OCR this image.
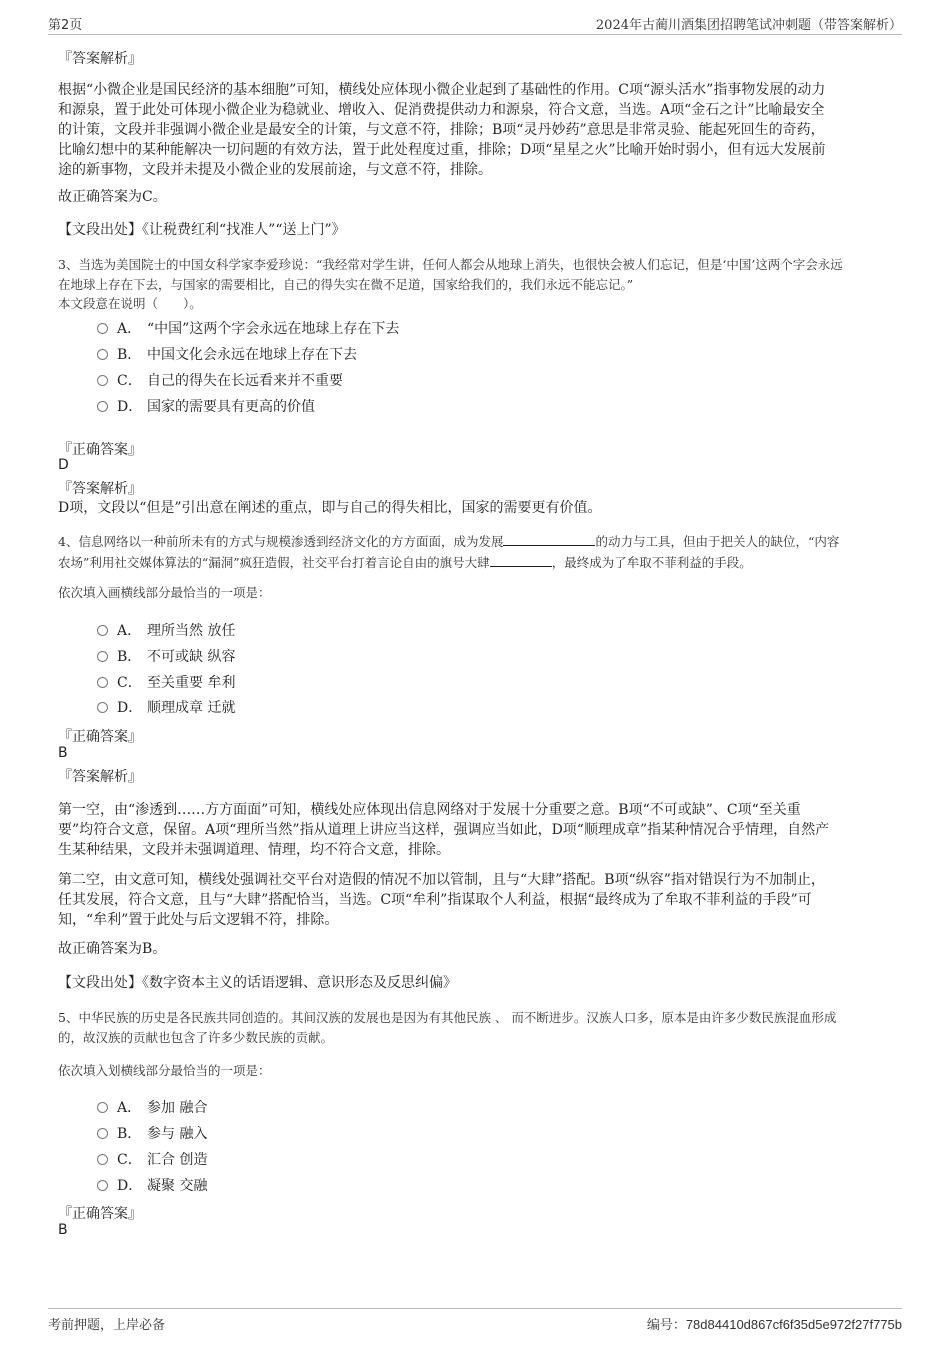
第2页	2024年古蔺川酒集团招聘笔试冲刺题（带答案解析）
『答案解析』
根据“小微企业是国民经济的基本细胞”可知，横线处应体现小微企业起到了基础性的作用。C项“源头活水”指事物发展的动力
和源泉，置于此处可体现小微企业为稳就业、增收入、促消费提供动力和源泉，符合文意，当选。A项“金石之计”比喻最安全
的计策，文段并非强调小微企业是最安全的计策，与文意不符，排除；B项“灵丹妙药”意思是非常灵验、能起死回生的奇药，
比喻幻想中的某种能解决一切问题的有效方法，置于此处程度过重，排除；D项“星星之火”比喻开始时弱小，但有远大发展前
途的新事物，文段并未提及小微企业的发展前途，与文意不符，排除。
故正确答案为C。
【文段出处】《让税费红利“找准人”“送上门”》
3、当选为美国院士的中国女科学家李爱珍说：“我经常对学生讲，任何人都会从地球上消失，也很快会被人们忘记，但是‘中国’这两个字会永远
在地球上存在下去，与国家的需要相比，自己的得失实在微不足道，国家给我们的，我们永远不能忘记。”
本文段意在说明（　　）。
A． “中国”这两个字会永远在地球上存在下去
B． 中国文化会永远在地球上存在下去
C． 自己的得失在长远看来并不重要
D． 国家的需要具有更高的价值
『正确答案』
D
『答案解析』
D项，文段以“但是”引出意在阐述的重点，即与自己的得失相比，国家的需要更有价值。
4、信息网络以一种前所未有的方式与规模渗透到经济文化的方方面面，成为发展	的动力与工具，但由于把关人的缺位，“内容
农场”利用社交媒体算法的“漏洞”疯狂造假，社交平台打着言论自由的旗号大肆	，最终成为了牟取不菲利益的手段。
依次填入画横线部分最恰当的一项是：
A． 理所当然 放任
B． 不可或缺 纵容
C． 至关重要 牟利
D． 顺理成章 迁就
『正确答案』
B
『答案解析』
第一空，由“渗透到……方方面面”可知，横线处应体现出信息网络对于发展十分重要之意。B项“不可或缺”、C项“至关重
要”均符合文意，保留。A项“理所当然”指从道理上讲应当这样，强调应当如此，D项“顺理成章”指某种情况合乎情理，自然产
生某种结果，文段并未强调道理、情理，均不符合文意，排除。
第二空，由文意可知，横线处强调社交平台对造假的情况不加以管制，且与“大肆”搭配。B项“纵容”指对错误行为不加制止，
任其发展，符合文意，且与“大肆”搭配恰当，当选。C项“牟利”指谋取个人利益，根据“最终成为了牟取不菲利益的手段”可
知，“牟利”置于此处与后文逻辑不符，排除。
故正确答案为B。
【文段出处】《数字资本主义的话语逻辑、意识形态及反思纠偏》
5、中华民族的历史是各民族共同创造的。其间汉族的发展也是因为有其他民族 、 而不断进步。汉族人口多，原本是由许多少数民族混血形成
的，故汉族的贡献也包含了许多少数民族的贡献。
依次填入划横线部分最恰当的一项是：
A． 参加 融合
B． 参与 融入
C． 汇合 创造
D． 凝聚 交融
『正确答案』
B
考前押题，上岸必备	编号：78d84410d867cf6f35d5e972f27f775b
